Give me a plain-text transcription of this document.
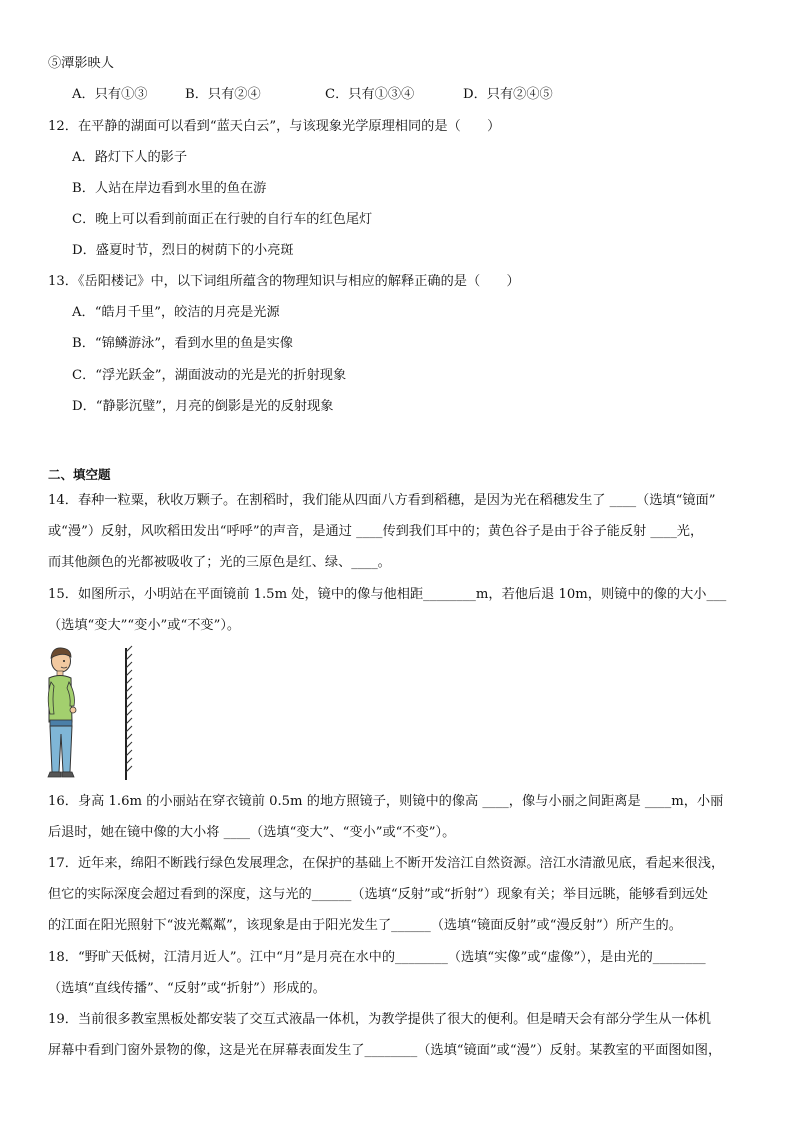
⑤潭影映人
A．只有①③	B．只有②④	C．只有①③④	D．只有②④⑤
12．在平静的湖面可以看到“蓝天白云”，与该现象光学原理相同的是（　　）
A．路灯下人的影子
B．人站在岸边看到水里的鱼在游
C．晚上可以看到前面正在行驶的自行车的红色尾灯
D．盛夏时节，烈日的树荫下的小亮斑
13．《岳阳楼记》中，以下词组所蕴含的物理知识与相应的解释正确的是（　　）
A．“皓月千里”，皎洁的月亮是光源
B．“锦鳞游泳”，看到水里的鱼是实像
C．“浮光跃金”，湖面波动的光是光的折射现象
D．“静影沉璧”，月亮的倒影是光的反射现象
二、填空题
14．春种一粒粟，秋收万颗子。在割稻时，我们能从四面八方看到稻穗，是因为光在稻穗发生了 ____（选填“镜面”
或“漫”）反射，风吹稻田发出“呼呼”的声音，是通过 ____传到我们耳中的；黄色谷子是由于谷子能反射 ____光，
而其他颜色的光都被吸收了；光的三原色是红、绿、____。
15．如图所示，小明站在平面镜前 1.5m 处，镜中的像与他相距________m，若他后退 10m，则镜中的像的大小___
（选填“变大”“变小”或“不变”）。
16．身高 1.6m 的小丽站在穿衣镜前 0.5m 的地方照镜子，则镜中的像高 ____，像与小丽之间距离是 ____m，小丽
后退时，她在镜中像的大小将 ____（选填“变大”、“变小”或“不变”）。
17．近年来，绵阳不断践行绿色发展理念，在保护的基础上不断开发涪江自然资源。涪江水清澈见底，看起来很浅，
但它的实际深度会超过看到的深度，这与光的______（选填“反射”或“折射”）现象有关；举目远眺，能够看到远处
的江面在阳光照射下“波光粼粼”，该现象是由于阳光发生了______（选填“镜面反射”或“漫反射”）所产生的。
18．“野旷天低树，江清月近人”。江中“月”是月亮在水中的________（选填“实像”或“虚像”），是由光的________
（选填“直线传播”、“反射”或“折射”）形成的。
19．当前很多教室黑板处都安装了交互式液晶一体机，为教学提供了很大的便利。但是晴天会有部分学生从一体机
屏幕中看到门窗外景物的像，这是光在屏幕表面发生了________（选填“镜面”或“漫”）反射。某教室的平面图如图，
